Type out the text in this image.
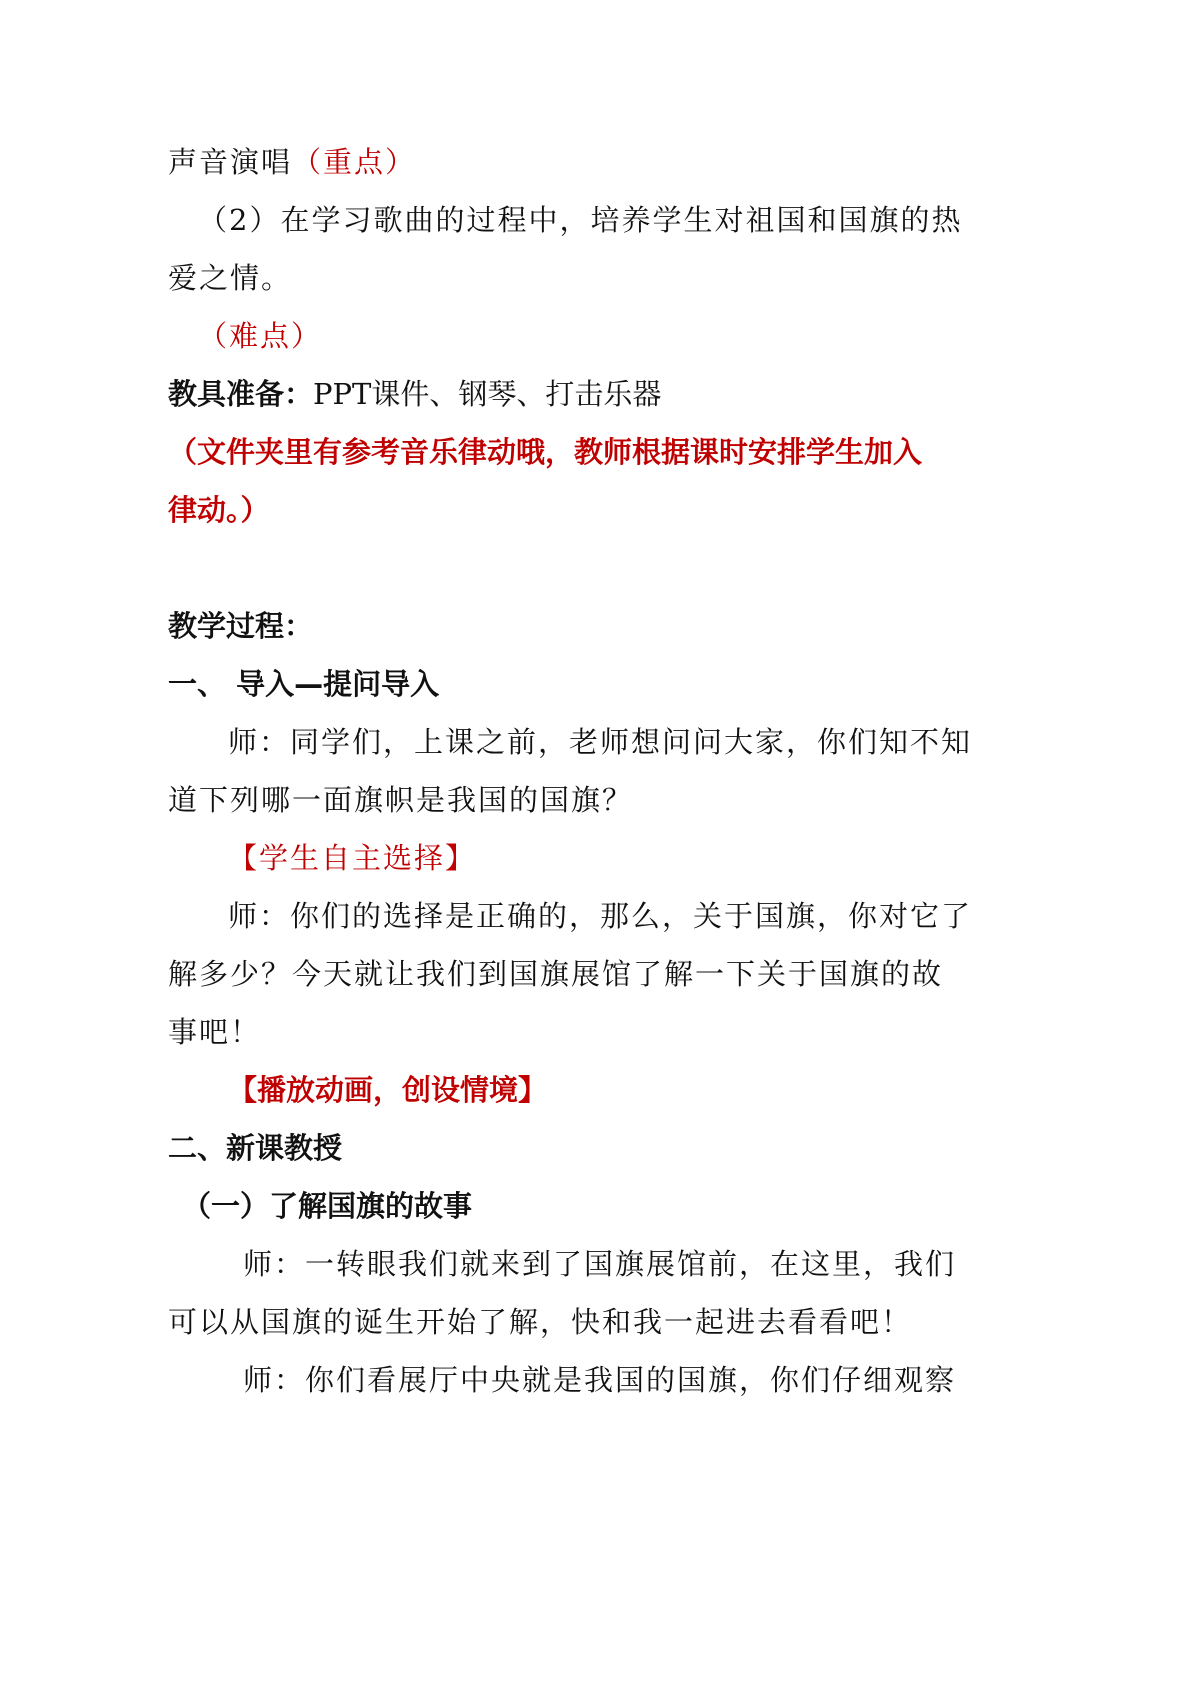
声音演唱（重点）
（2）在学习歌曲的过程中，培养学生对祖国和国旗的热
爱之情。
（难点）
教具准备：PPT课件、钢琴、打击乐器
（文件夹里有参考音乐律动哦，教师根据课时安排学生加入
律动。）
教学过程：
一、 导入—提问导入
师：同学们，上课之前，老师想问问大家，你们知不知
道下列哪一面旗帜是我国的国旗？
【学生自主选择】
师：你们的选择是正确的，那么，关于国旗，你对它了
解多少？今天就让我们到国旗展馆了解一下关于国旗的故
事吧！
【播放动画，创设情境】
二、新课教授
（一）了解国旗的故事
师：一转眼我们就来到了国旗展馆前，在这里，我们
可以从国旗的诞生开始了解，快和我一起进去看看吧！
师：你们看展厅中央就是我国的国旗，你们仔细观察
